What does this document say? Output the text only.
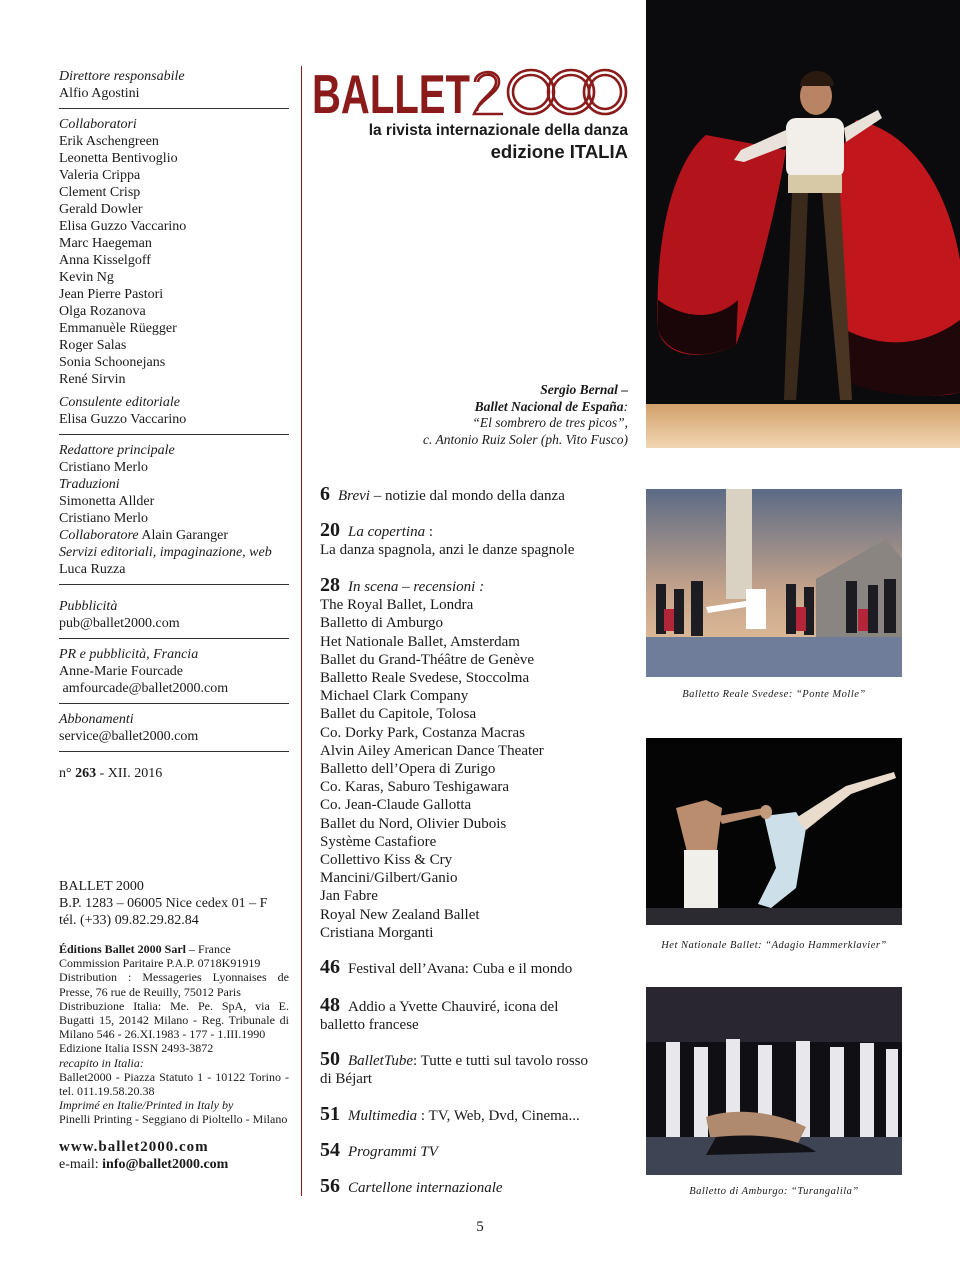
Direttore responsabile
Alfio Agostini
Collaboratori
Erik Aschengreen
Leonetta Bentivoglio
Valeria Crippa
Clement Crisp
Gerald Dowler
Elisa Guzzo Vaccarino
Marc Haegeman
Anna Kisselgoff
Kevin Ng
Jean Pierre Pastori
Olga Rozanova
Emmanuèle Rüegger
Roger Salas
Sonia Schoonejans
René Sirvin
Consulente editoriale
Elisa Guzzo Vaccarino
Redattore principale
Cristiano Merlo
Traduzioni
Simonetta Allder
Cristiano Merlo
Collaboratore Alain Garanger
Servizi editoriali, impaginazione, web
Luca Ruzza
Pubblicità
pub@ballet2000.com
PR e pubblicità, Francia
Anne-Marie Fourcade
amfourcade@ballet2000.com
Abbonamenti
service@ballet2000.com
n° 263 - XII. 2016
BALLET 2000
B.P. 1283 – 06005 Nice cedex 01 – F
tél. (+33) 09.82.29.82.84
Éditions Ballet 2000 Sarl – France
Commission Paritaire P.A.P. 0718K91919
Distribution : Messageries Lyonnaises de Presse, 76 rue de Reuilly, 75012 Paris
Distribuzione Italia: Me. Pe. SpA, via E. Bugatti 15, 20142 Milano - Reg. Tribunale di Milano 546 - 26.XI.1983 - 177 - 1.III.1990
Edizione Italia ISSN 2493-3872
recapito in Italia:
Ballet2000 - Piazza Statuto 1 - 10122 Torino - tel. 011.19.58.20.38
Imprimé en Italie/Printed in Italy by
Pinelli Printing - Seggiano di Pioltello - Milano
www.ballet2000.com
e-mail: info@ballet2000.com
BALLET
la rivista internazionale della danza
edizione ITALIA
Sergio Bernal –
Ballet Nacional de España:
“El sombrero de tres picos”,
c. Antonio Ruiz Soler (ph. Vito Fusco)
6 Brevi – notizie dal mondo della danza
20 La copertina :
La danza spagnola, anzi le danze spagnole
28 In scena – recensioni :
The Royal Ballet, Londra
Balletto di Amburgo
Het Nationale Ballet, Amsterdam
Ballet du Grand-Théâtre de Genève
Balletto Reale Svedese, Stoccolma
Michael Clark Company
Ballet du Capitole, Tolosa
Co. Dorky Park, Costanza Macras
Alvin Ailey American Dance Theater
Balletto dell’Opera di Zurigo
Co. Karas, Saburo Teshigawara
Co. Jean-Claude Gallotta
Ballet du Nord, Olivier Dubois
Système Castafiore
Collettivo Kiss & Cry
Mancini/Gilbert/Ganio
Jan Fabre
Royal New Zealand Ballet
Cristiana Morganti
46 Festival dell’Avana: Cuba e il mondo
48 Addio a Yvette Chauviré, icona del balletto francese
50 BalletTube: Tutte e tutti sul tavolo rosso di Béjart
51 Multimedia : TV, Web, Dvd, Cinema...
54 Programmi TV
56 Cartellone internazionale
Balletto Reale Svedese: “Ponte Molle”
Het Nationale Ballet: “Adagio Hammerklavier”
Balletto di Amburgo: “Turangalila”
5
